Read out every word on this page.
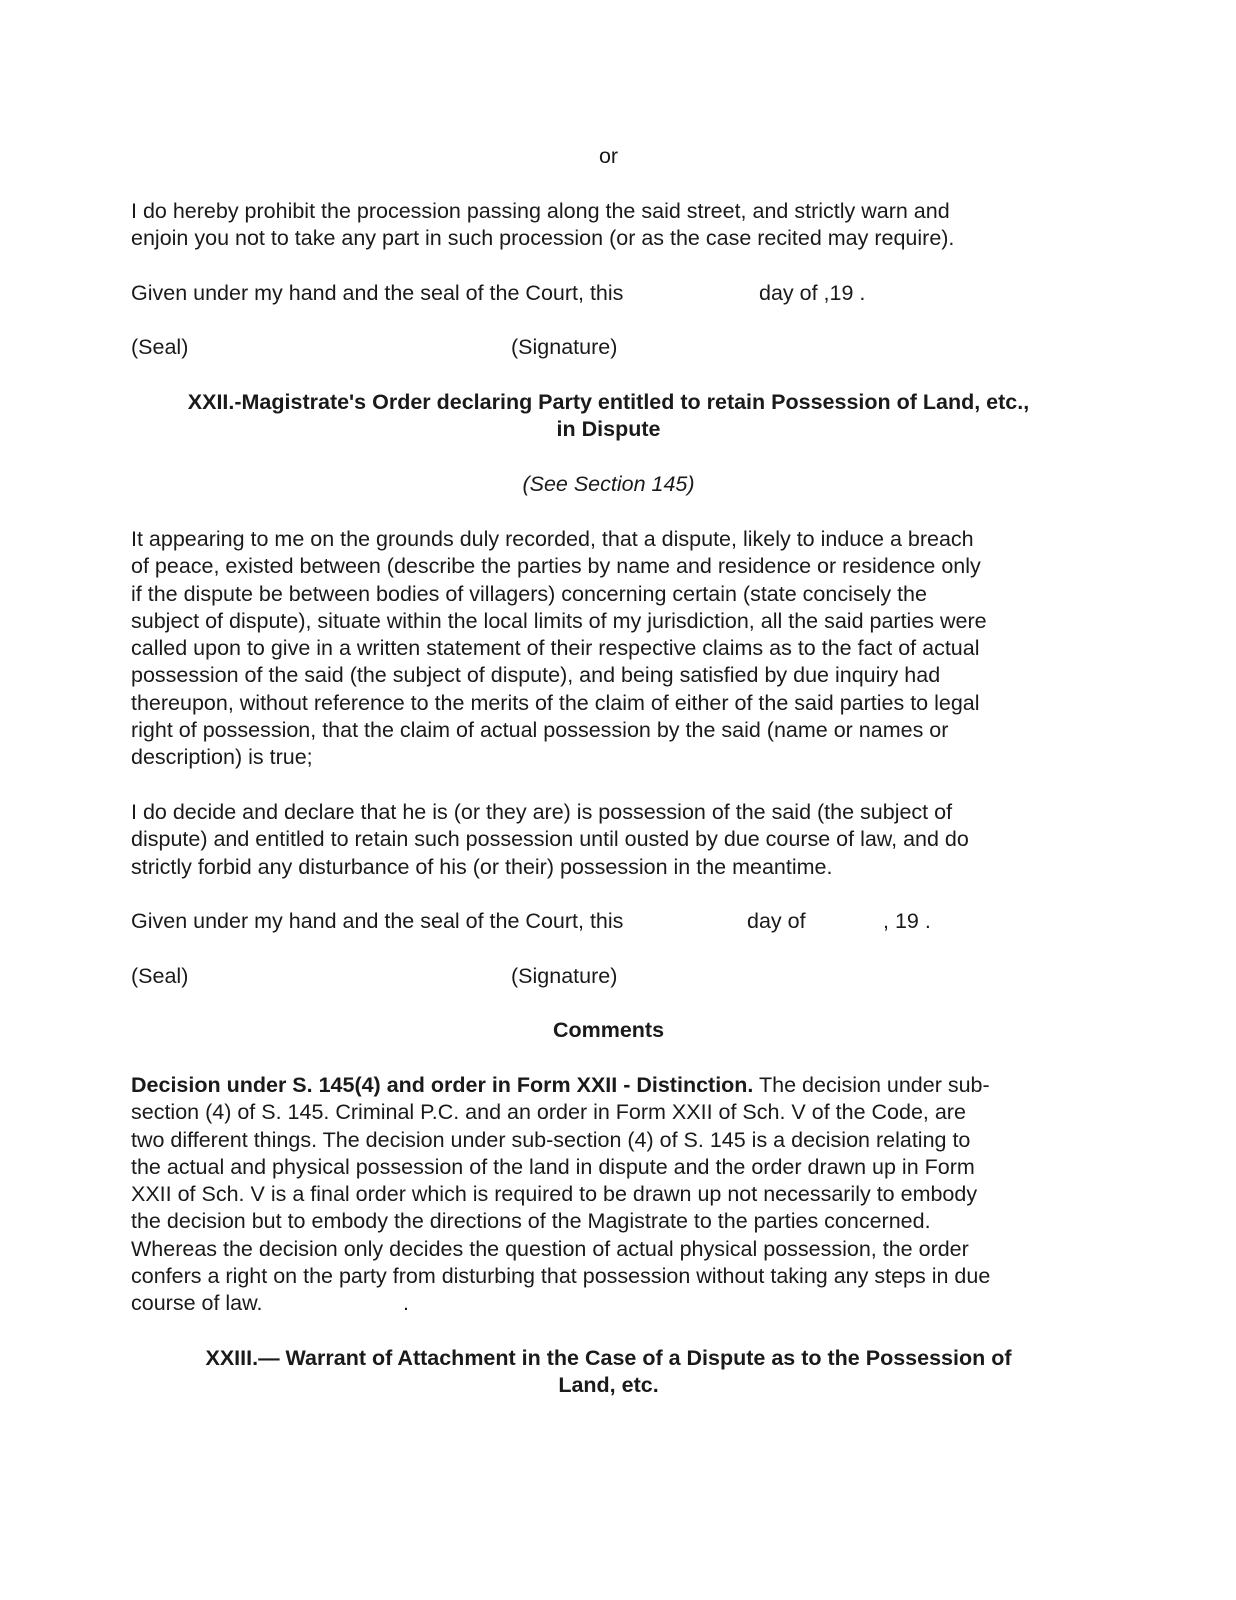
or
I do hereby prohibit the procession passing along the said street, and strictly warn and
enjoin you not to take any part in such procession (or as the case recited may require).
Given under my hand and the seal of the Court, this	day of ,19 .
(Seal)	(Signature)
XXII.-Magistrate's Order declaring Party entitled to retain Possession of Land, etc.,
in Dispute
(See Section 145)
It appearing to me on the grounds duly recorded, that a dispute, likely to induce a breach
of peace, existed between (describe the parties by name and residence or residence only
if the dispute be between bodies of villagers) concerning certain (state concisely the
subject of dispute), situate within the local limits of my jurisdiction, all the said parties were
called upon to give in a written statement of their respective claims as to the fact of actual
possession of the said (the subject of dispute), and being satisfied by due inquiry had
thereupon, without reference to the merits of the claim of either of the said parties to legal
right of possession, that the claim of actual possession by the said (name or names or
description) is true;
I do decide and declare that he is (or they are) is possession of the said (the subject of
dispute) and entitled to retain such possession until ousted by due course of law, and do
strictly forbid any disturbance of his (or their) possession in the meantime.
Given under my hand and the seal of the Court, this	day of	, 19 .
(Seal)	(Signature)
Comments
Decision under S. 145(4) and order in Form XXII - Distinction. The decision under sub-
section (4) of S. 145. Criminal P.C. and an order in Form XXII of Sch. V of the Code, are
two different things. The decision under sub-section (4) of S. 145 is a decision relating to
the actual and physical possession of the land in dispute and the order drawn up in Form
XXII of Sch. V is a final order which is required to be drawn up not necessarily to embody
the decision but to embody the directions of the Magistrate to the parties concerned.
Whereas the decision only decides the question of actual physical possession, the order
confers a right on the party from disturbing that possession without taking any steps in due
course of law.	.
XXIII.— Warrant of Attachment in the Case of a Dispute as to the Possession of
Land, etc.
